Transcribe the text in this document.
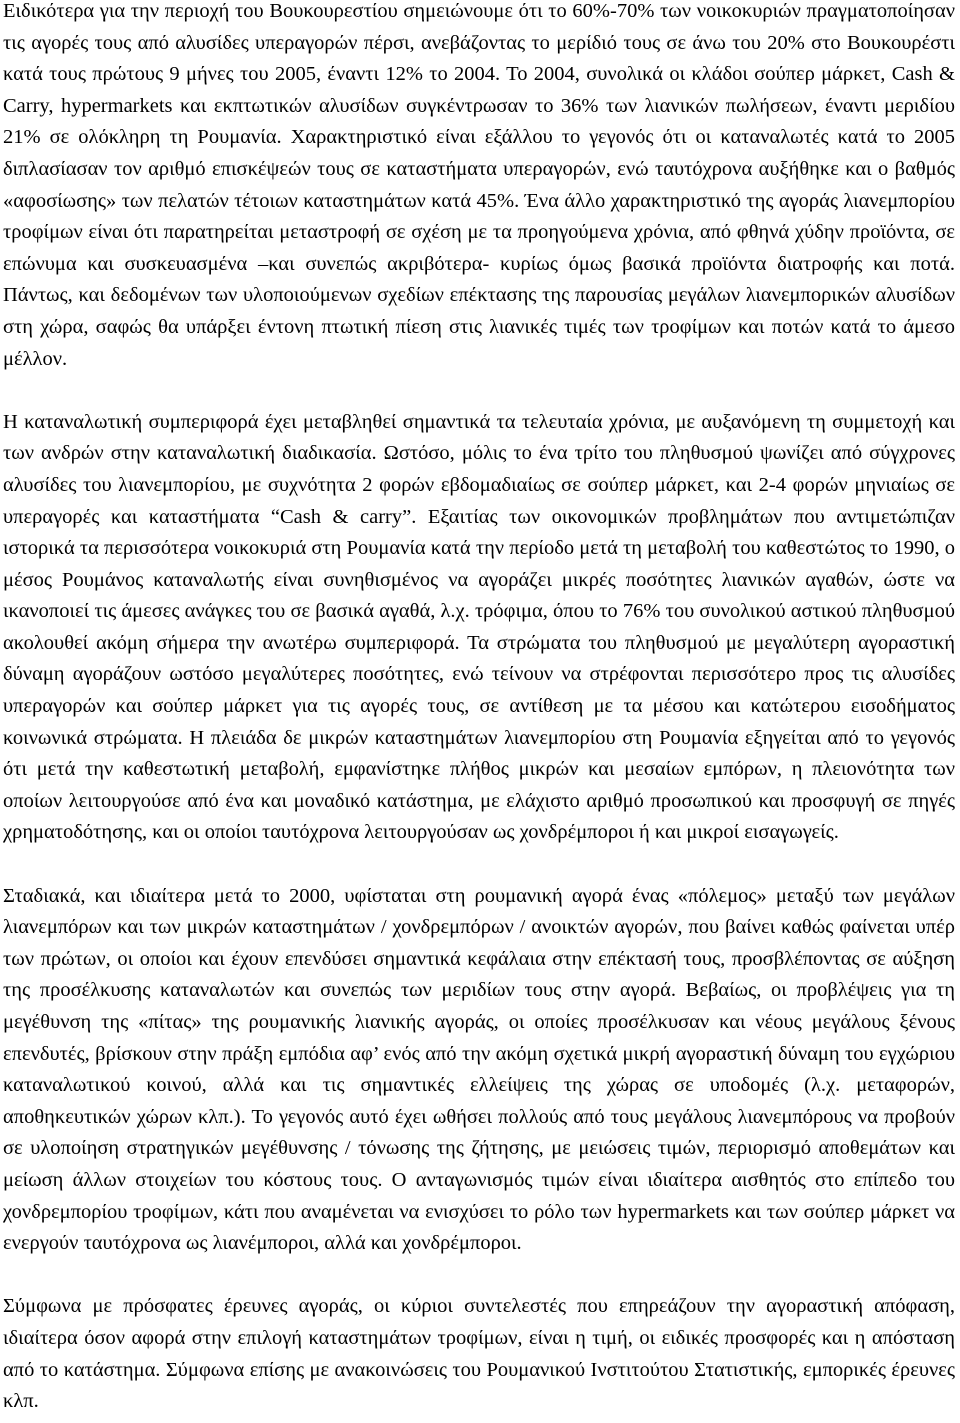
Ειδικότερα για την περιοχή του Βουκουρεστίου σημειώνουμε ότι το 60%-70% των νοικοκυριών πραγματοποίησαν τις αγορές τους από αλυσίδες υπεραγορών πέρσι, ανεβάζοντας το μερίδιό τους σε άνω του 20% στο Βουκουρέστι κατά τους πρώτους 9 μήνες του 2005, έναντι 12% το 2004. Το 2004, συνολικά οι κλάδοι σούπερ μάρκετ, Cash & Carry, hypermarkets και εκπτωτικών αλυσίδων συγκέντρωσαν το 36% των λιανικών πωλήσεων, έναντι μεριδίου 21% σε ολόκληρη τη Ρουμανία. Χαρακτηριστικό είναι εξάλλου το γεγονός ότι οι καταναλωτές κατά το 2005 διπλασίασαν τον αριθμό επισκέψεών τους σε καταστήματα υπεραγορών, ενώ ταυτόχρονα αυξήθηκε και ο βαθμός «αφοσίωσης» των πελατών τέτοιων καταστημάτων κατά 45%. Ένα άλλο χαρακτηριστικό της αγοράς λιανεμπορίου τροφίμων είναι ότι παρατηρείται μεταστροφή σε σχέση με τα προηγούμενα χρόνια, από φθηνά χύδην προϊόντα, σε επώνυμα και συσκευασμένα –και συνεπώς ακριβότερα- κυρίως όμως βασικά προϊόντα διατροφής και ποτά. Πάντως, και δεδομένων των υλοποιούμενων σχεδίων επέκτασης της παρουσίας μεγάλων λιανεμπορικών αλυσίδων στη χώρα, σαφώς θα υπάρξει έντονη πτωτική πίεση στις λιανικές τιμές των τροφίμων και ποτών κατά το άμεσο μέλλον.

Η καταναλωτική συμπεριφορά έχει μεταβληθεί σημαντικά τα τελευταία χρόνια, με αυξανόμενη τη συμμετοχή και των ανδρών στην καταναλωτική διαδικασία. Ωστόσο, μόλις το ένα τρίτο του πληθυσμού ψωνίζει από σύγχρονες αλυσίδες του λιανεμπορίου, με συχνότητα 2 φορών εβδομαδιαίως σε σούπερ μάρκετ, και 2-4 φορών μηνιαίως σε υπεραγορές και καταστήματα “Cash & carry”. Εξαιτίας των οικονομικών προβλημάτων που αντιμετώπιζαν ιστορικά τα περισσότερα νοικοκυριά στη Ρουμανία κατά την περίοδο μετά τη μεταβολή του καθεστώτος το 1990, ο μέσος Ρουμάνος καταναλωτής είναι συνηθισμένος να αγοράζει μικρές ποσότητες λιανικών αγαθών, ώστε να ικανοποιεί τις άμεσες ανάγκες του σε βασικά αγαθά, λ.χ. τρόφιμα, όπου το 76% του συνολικού αστικού πληθυσμού ακολουθεί ακόμη σήμερα την ανωτέρω συμπεριφορά. Τα στρώματα του πληθυσμού με μεγαλύτερη αγοραστική δύναμη αγοράζουν ωστόσο μεγαλύτερες ποσότητες, ενώ τείνουν να στρέφονται περισσότερο προς τις αλυσίδες υπεραγορών και σούπερ μάρκετ για τις αγορές τους, σε αντίθεση με τα μέσου και κατώτερου εισοδήματος κοινωνικά στρώματα. Η πλειάδα δε μικρών καταστημάτων λιανεμπορίου στη Ρουμανία εξηγείται από το γεγονός ότι μετά την καθεστωτική μεταβολή, εμφανίστηκε πλήθος μικρών και μεσαίων εμπόρων, η πλειονότητα των οποίων λειτουργούσε από ένα και μοναδικό κατάστημα, με ελάχιστο αριθμό προσωπικού και προσφυγή σε πηγές χρηματοδότησης, και οι οποίοι ταυτόχρονα λειτουργούσαν ως χονδρέμποροι ή και μικροί εισαγωγείς.

Σταδιακά, και ιδιαίτερα μετά το 2000, υφίσταται στη ρουμανική αγορά ένας «πόλεμος» μεταξύ των μεγάλων λιανεμπόρων και των μικρών καταστημάτων / χονδρεμπόρων / ανοικτών αγορών, που βαίνει καθώς φαίνεται υπέρ των πρώτων, οι οποίοι και έχουν επενδύσει σημαντικά κεφάλαια στην επέκτασή τους, προσβλέποντας σε αύξηση της προσέλκυσης καταναλωτών και συνεπώς των μεριδίων τους στην αγορά. Βεβαίως, οι προβλέψεις για τη μεγέθυνση της «πίτας» της ρουμανικής λιανικής αγοράς, οι οποίες προσέλκυσαν και νέους μεγάλους ξένους επενδυτές, βρίσκουν στην πράξη εμπόδια αφ’ ενός από την ακόμη σχετικά μικρή αγοραστική δύναμη του εγχώριου καταναλωτικού κοινού, αλλά και τις σημαντικές ελλείψεις της χώρας σε υποδομές (λ.χ. μεταφορών, αποθηκευτικών χώρων κλπ.). Το γεγονός αυτό έχει ωθήσει πολλούς από τους μεγάλους λιανεμπόρους να προβούν σε υλοποίηση στρατηγικών μεγέθυνσης / τόνωσης της ζήτησης, με μειώσεις τιμών, περιορισμό αποθεμάτων και μείωση άλλων στοιχείων του κόστους τους. Ο ανταγωνισμός τιμών είναι ιδιαίτερα αισθητός στο επίπεδο του χονδρεμπορίου τροφίμων, κάτι που αναμένεται να ενισχύσει το ρόλο των hypermarkets και των σούπερ μάρκετ να ενεργούν ταυτόχρονα ως λιανέμποροι, αλλά και χονδρέμποροι.

Σύμφωνα με πρόσφατες έρευνες αγοράς, οι κύριοι συντελεστές που επηρεάζουν την αγοραστική απόφαση, ιδιαίτερα όσον αφορά στην επιλογή καταστημάτων τροφίμων, είναι η τιμή, οι ειδικές προσφορές και η απόσταση από το κατάστημα. Σύμφωνα επίσης με ανακοινώσεις του Ρουμανικού Ινστιτούτου Στατιστικής, εμπορικές έρευνες κλπ.
